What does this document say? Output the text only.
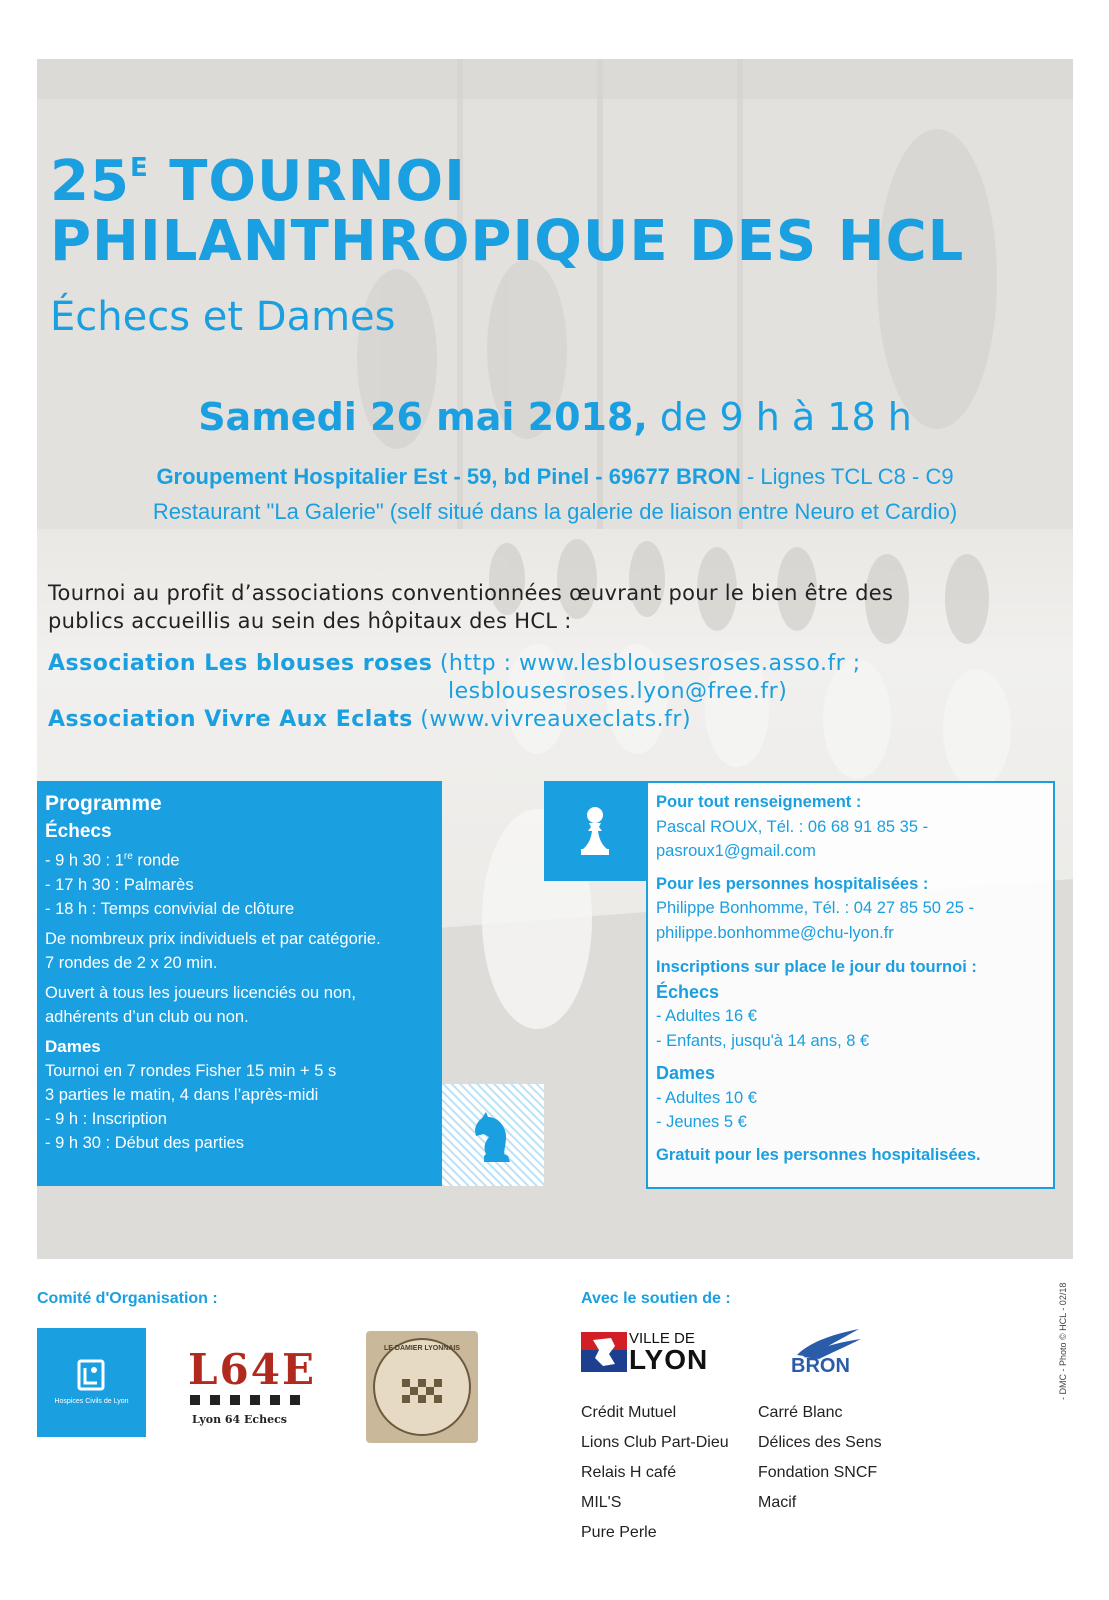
$25^E$ TOURNOI
PHILANTHROPIQUE DES HCL
Échecs et Dames
Samedi 26 mai 2018, de 9 h à 18 h
Groupement Hospitalier Est - 59, bd Pinel - 69677 BRON - Lignes TCL C8 - C9
Restaurant "La Galerie" (self situé dans la galerie de liaison entre Neuro et Cardio)
Tournoi au profit d’associations conventionnées œuvrant pour le bien être des
publics accueillis au sein des hôpitaux des HCL :
Association Les blouses roses (http : www.lesblousesroses.asso.fr ;
lesblousesroses.lyon@free.fr)
Association Vivre Aux Eclats (www.vivreauxeclats.fr)
Programme
Échecs
- 9 h 30 : 1re ronde
- 17 h 30 : Palmarès
- 18 h : Temps convivial de clôture
De nombreux prix individuels et par catégorie.
7 rondes de 2 x 20 min.
Ouvert à tous les joueurs licenciés ou non,
adhérents d’un club ou non.
Dames
Tournoi en 7 rondes Fisher 15 min + 5 s
3 parties le matin, 4 dans l’après-midi
- 9 h : Inscription
- 9 h 30 : Début des parties
Pour tout renseignement :
Pascal ROUX, Tél. : 06 68 91 85 35 -
pasroux1@gmail.com
Pour les personnes hospitalisées :
Philippe Bonhomme, Tél. : 04 27 85 50 25 -
philippe.bonhomme@chu-lyon.fr
Inscriptions sur place le jour du tournoi :
Échecs
- Adultes 16 €
- Enfants, jusqu'à 14 ans, 8 €
Dames
- Adultes 10 €
- Jeunes 5 €
Gratuit pour les personnes hospitalisées.
Comité d'Organisation :	Avec le soutien de :
Hospices Civils de Lyon
L64E
Lyon 64 Echecs
LE DAMIER LYONNAIS
VILLE DE
LYON	BRON
Crédit Mutuel
Lions Club Part-Dieu
Relais H café
MIL'S
Pure Perle
Carré Blanc
Délices des Sens
Fondation SNCF
Macif
- DMC - Photo © HCL - 02/18
